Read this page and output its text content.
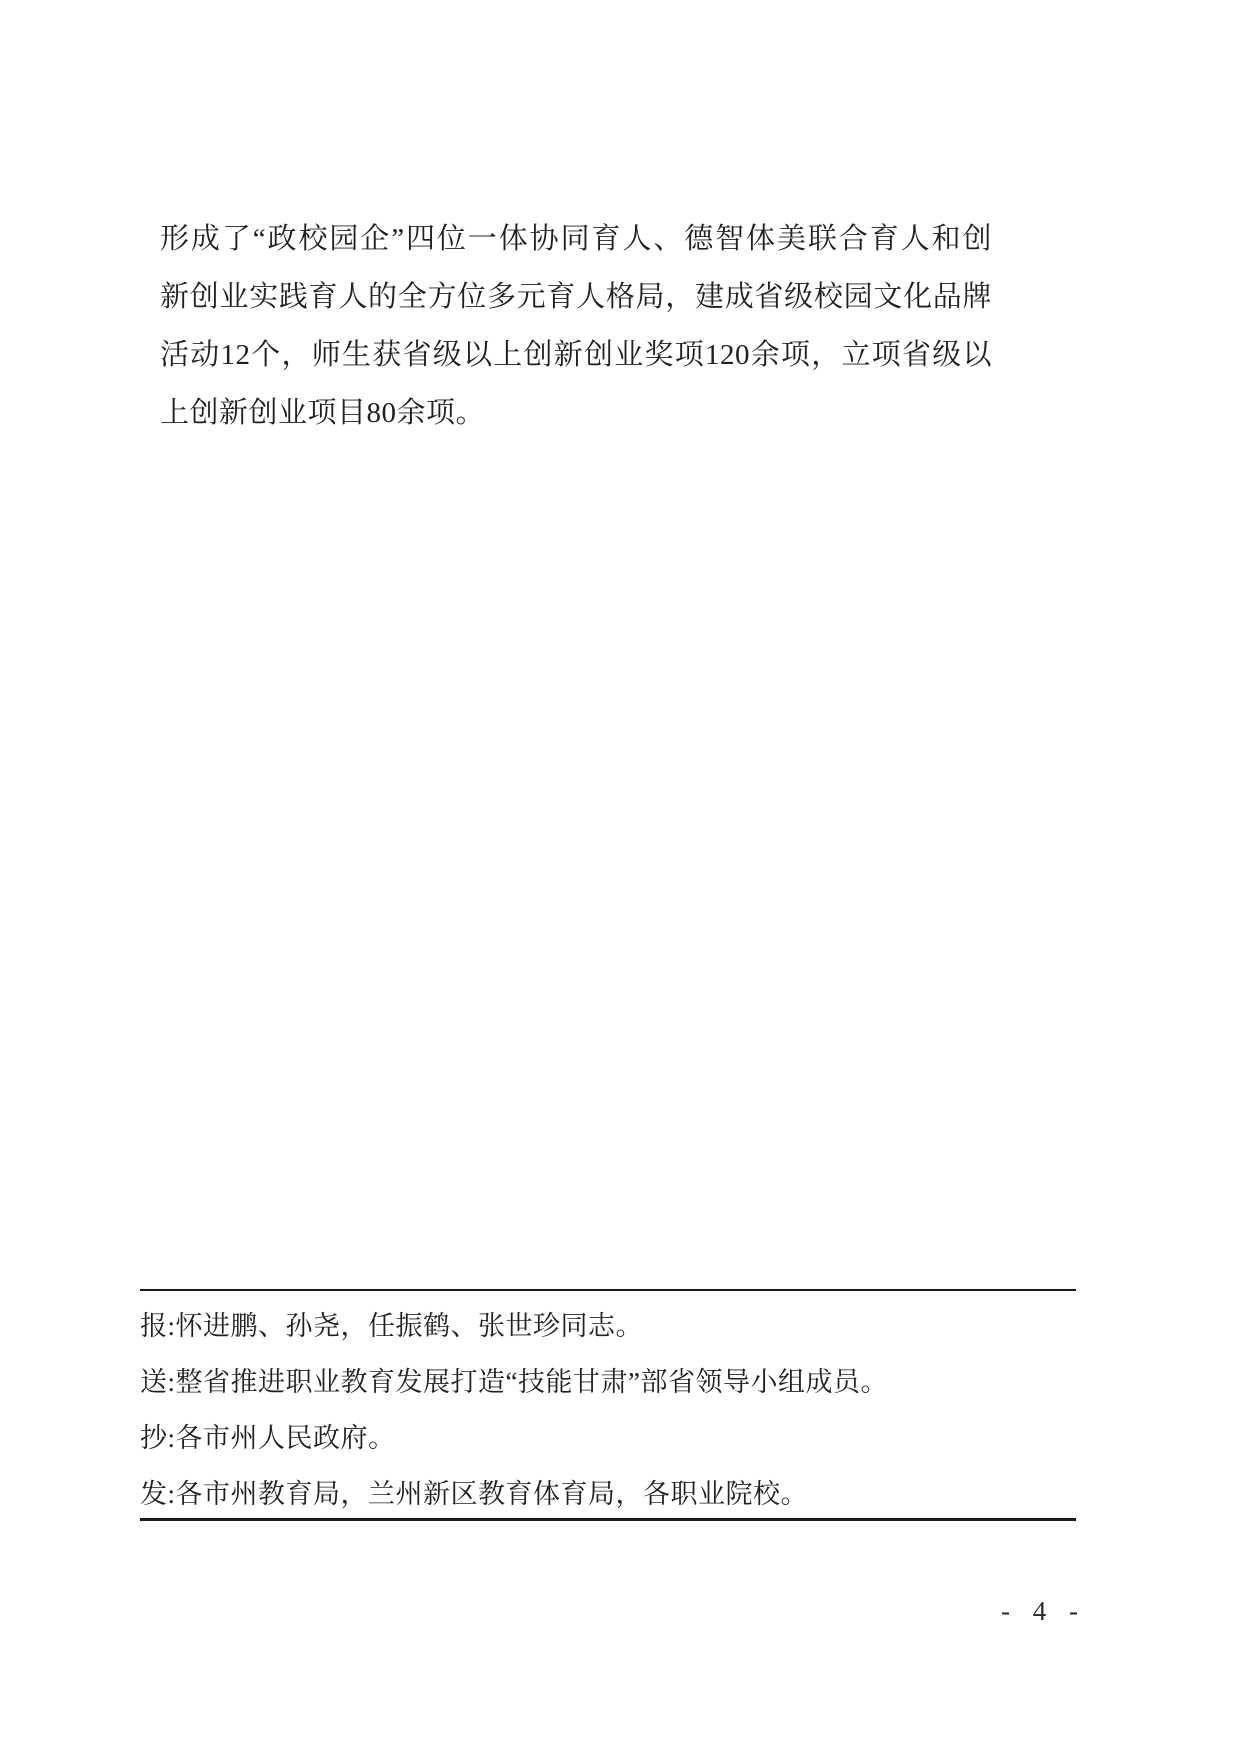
形成了“政校园企”四位一体协同育人、德智体美联合育人和创
新创业实践育人的全方位多元育人格局，建成省级校园文化品牌
活动12个，师生获省级以上创新创业奖项120余项，立项省级以
上创新创业项目80余项。
报:怀进鹏、孙尧，任振鹤、张世珍同志。
送:整省推进职业教育发展打造“技能甘肃”部省领导小组成员。
抄:各市州人民政府。
发:各市州教育局，兰州新区教育体育局，各职业院校。
- 4 -
